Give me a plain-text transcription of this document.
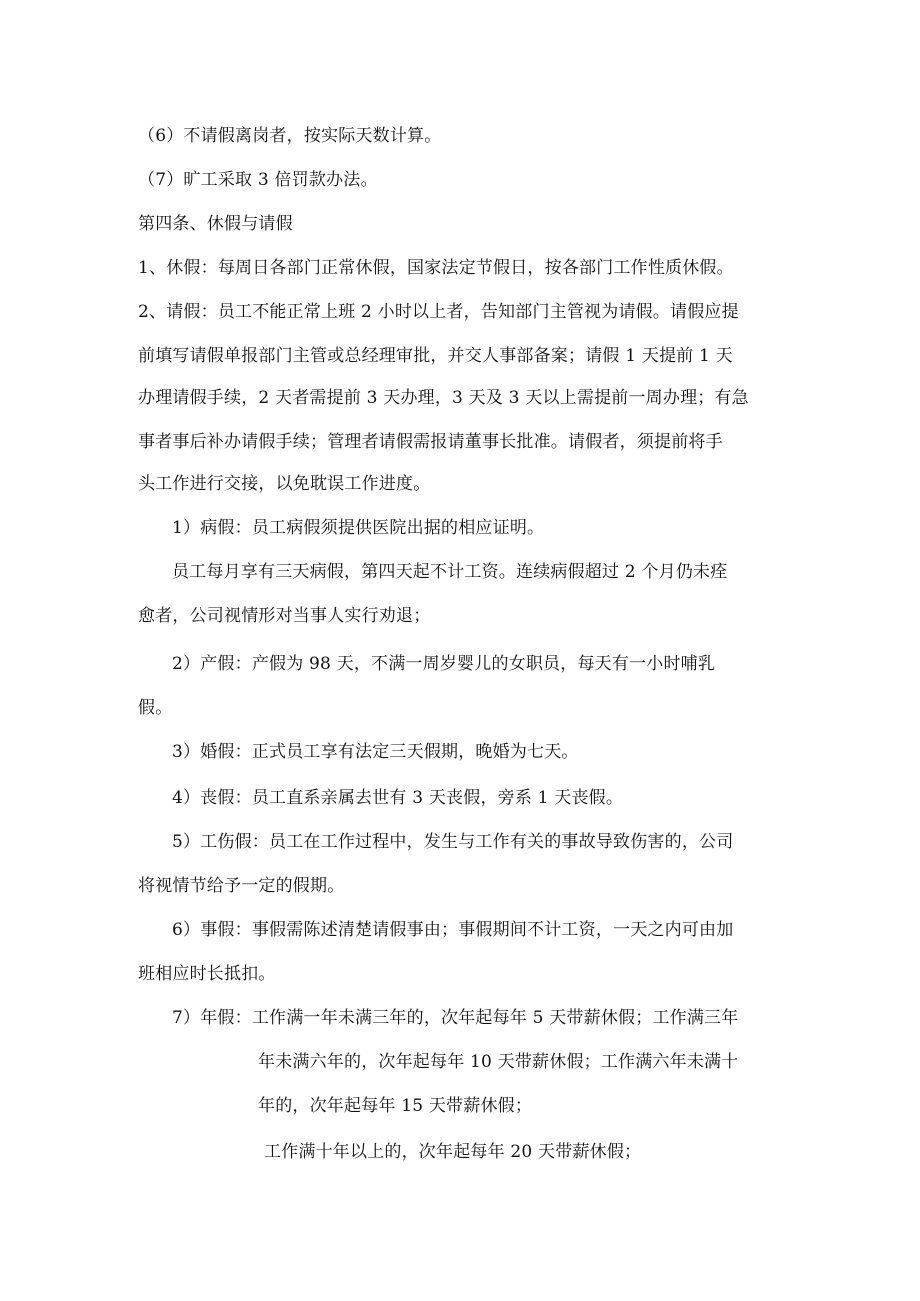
（6）不请假离岗者，按实际天数计算。

（7）旷工采取 3 倍罚款办法。

第四条、休假与请假

1、休假：每周日各部门正常休假，国家法定节假日，按各部门工作性质休假。

2、请假：员工不能正常上班 2 小时以上者，告知部门主管视为请假。请假应提

前填写请假单报部门主管或总经理审批，并交人事部备案；请假 1 天提前 1 天

办理请假手续，2 天者需提前 3 天办理，3 天及 3 天以上需提前一周办理；有急

事者事后补办请假手续；管理者请假需报请董事长批准。请假者，须提前将手

头工作进行交接，以免耽误工作进度。

1）病假：员工病假须提供医院出据的相应证明。

员工每月享有三天病假，第四天起不计工资。连续病假超过 2 个月仍未痊

愈者，公司视情形对当事人实行劝退；

2）产假：产假为 98 天，不满一周岁婴儿的女职员，每天有一小时哺乳

假。

3）婚假：正式员工享有法定三天假期，晚婚为七天。

4）丧假：员工直系亲属去世有 3 天丧假，旁系 1 天丧假。

5）工伤假：员工在工作过程中，发生与工作有关的事故导致伤害的，公司

将视情节给予一定的假期。

6）事假：事假需陈述清楚请假事由；事假期间不计工资，一天之内可由加

班相应时长抵扣。

7）年假：工作满一年未满三年的，次年起每年 5 天带薪休假；工作满三年

年未满六年的，次年起每年 10 天带薪休假；工作满六年未满十

年的，次年起每年 15 天带薪休假；

工作满十年以上的，次年起每年 20 天带薪休假；
